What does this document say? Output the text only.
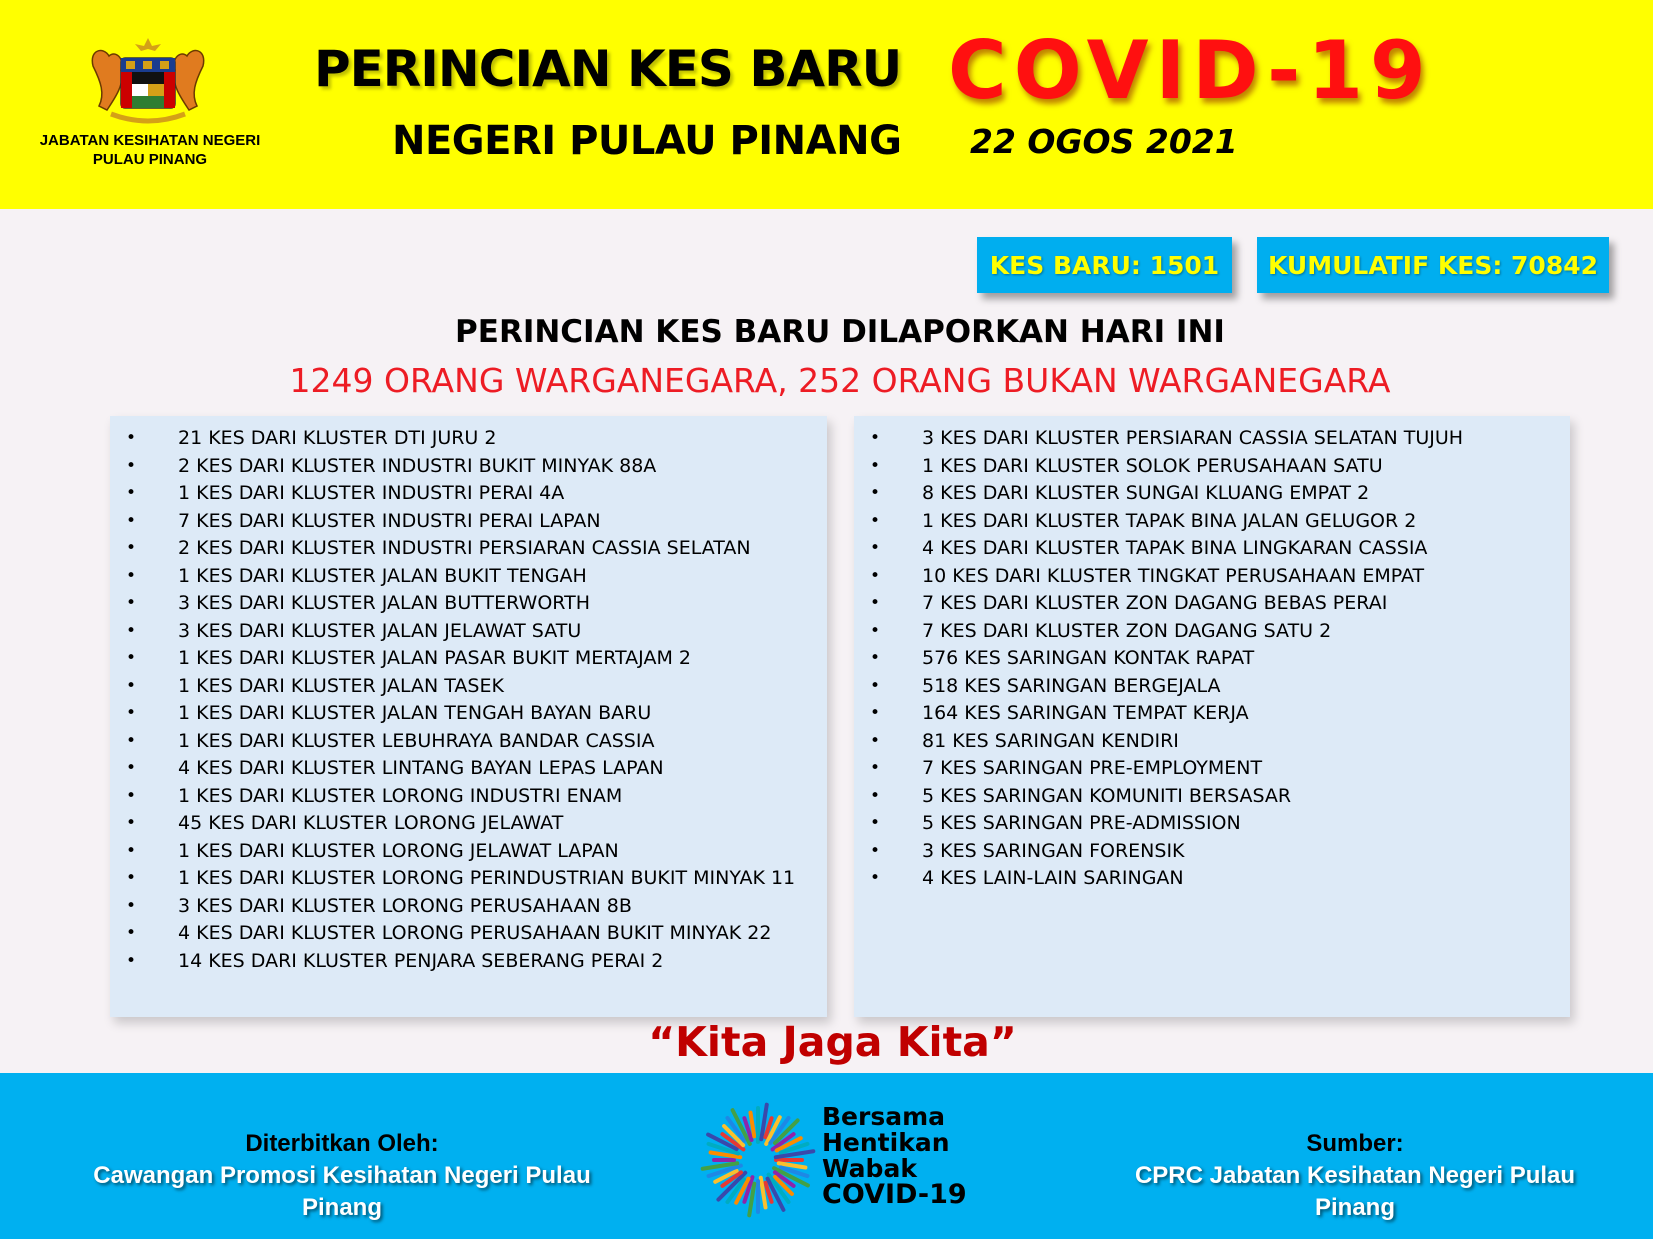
JABATAN KESIHATAN NEGERI
PULAU PINANG
PERINCIAN KES BARU COVID-19
NEGERI PULAU PINANG 22 OGOS 2021
KES BARU: 1501	KUMULATIF KES: 70842
PERINCIAN KES BARU DILAPORKAN HARI INI
1249 ORANG WARGANEGARA, 252 ORANG BUKAN WARGANEGARA
• 21 KES DARI KLUSTER DTI JURU 2
• 2 KES DARI KLUSTER INDUSTRI BUKIT MINYAK 88A
• 1 KES DARI KLUSTER INDUSTRI PERAI 4A
• 7 KES DARI KLUSTER INDUSTRI PERAI LAPAN
• 2 KES DARI KLUSTER INDUSTRI PERSIARAN CASSIA SELATAN
• 1 KES DARI KLUSTER JALAN BUKIT TENGAH
• 3 KES DARI KLUSTER JALAN BUTTERWORTH
• 3 KES DARI KLUSTER JALAN JELAWAT SATU
• 1 KES DARI KLUSTER JALAN PASAR BUKIT MERTAJAM 2
• 1 KES DARI KLUSTER JALAN TASEK
• 1 KES DARI KLUSTER JALAN TENGAH BAYAN BARU
• 1 KES DARI KLUSTER LEBUHRAYA BANDAR CASSIA
• 4 KES DARI KLUSTER LINTANG BAYAN LEPAS LAPAN
• 1 KES DARI KLUSTER LORONG INDUSTRI ENAM
• 45 KES DARI KLUSTER LORONG JELAWAT
• 1 KES DARI KLUSTER LORONG JELAWAT LAPAN
• 1 KES DARI KLUSTER LORONG PERINDUSTRIAN BUKIT MINYAK 11
• 3 KES DARI KLUSTER LORONG PERUSAHAAN 8B
• 4 KES DARI KLUSTER LORONG PERUSAHAAN BUKIT MINYAK 22
• 14 KES DARI KLUSTER PENJARA SEBERANG PERAI 2
• 3 KES DARI KLUSTER PERSIARAN CASSIA SELATAN TUJUH
• 1 KES DARI KLUSTER SOLOK PERUSAHAAN SATU
• 8 KES DARI KLUSTER SUNGAI KLUANG EMPAT 2
• 1 KES DARI KLUSTER TAPAK BINA JALAN GELUGOR 2
• 4 KES DARI KLUSTER TAPAK BINA LINGKARAN CASSIA
• 10 KES DARI KLUSTER TINGKAT PERUSAHAAN EMPAT
• 7 KES DARI KLUSTER ZON DAGANG BEBAS PERAI
• 7 KES DARI KLUSTER ZON DAGANG SATU 2
• 576 KES SARINGAN KONTAK RAPAT
• 518 KES SARINGAN BERGEJALA
• 164 KES SARINGAN TEMPAT KERJA
• 81 KES SARINGAN KENDIRI
• 7 KES SARINGAN PRE-EMPLOYMENT
• 5 KES SARINGAN KOMUNITI BERSASAR
• 5 KES SARINGAN PRE-ADMISSION
• 3 KES SARINGAN FORENSIK
• 4 KES LAIN-LAIN SARINGAN
“Kita Jaga Kita”
Diterbitkan Oleh:
Cawangan Promosi Kesihatan Negeri Pulau Pinang
Bersama
Hentikan
Wabak
COVID-19
Sumber:
CPRC Jabatan Kesihatan Negeri Pulau Pinang
